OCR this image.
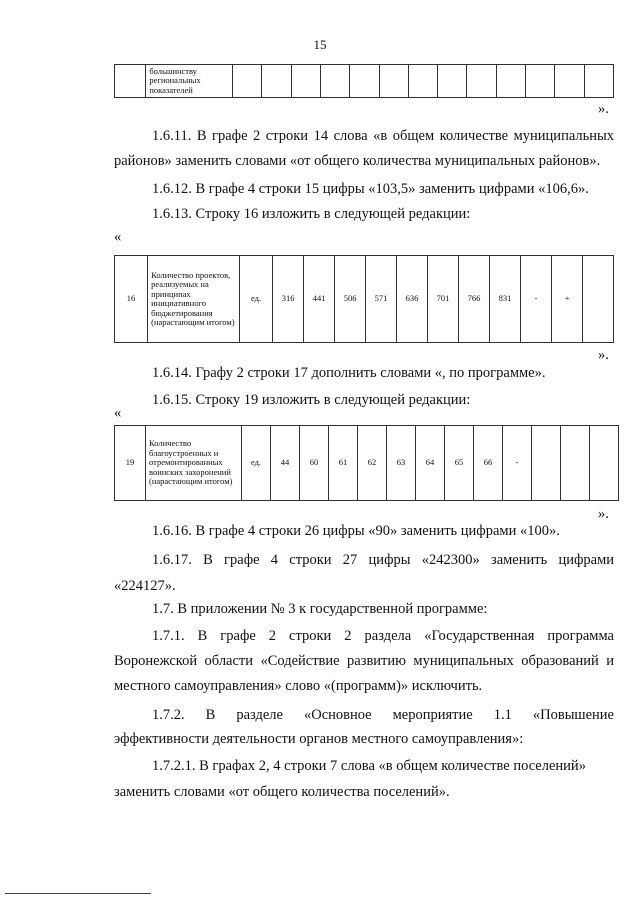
15
	большинству региональных показателей													
».
1.6.11. В графе 2 строки 14 слова «в общем количестве муниципальных
районов» заменить словами «от общего количества муниципальных районов».
1.6.12. В графе 4 строки 15 цифры «103,5» заменить цифрами «106,6».
1.6.13. Строку 16 изложить в следующей редакции:
«
16	Количество проектов, реализуемых на принципах инициативного бюджетирования (нарастающим итогом)	ед.	316	441	506	571	636	701	766	831	-	+	
».
1.6.14. Графу 2 строки 17 дополнить словами «, по программе».
1.6.15. Строку 19 изложить в следующей редакции:
«
19	Количество благоустроенных и отремонтированных воинских захоронений (нарастающим итогом)	ед.	44	60	61	62	63	64	65	66	-			
».
1.6.16. В графе 4 строки 26 цифры «90» заменить цифрами «100».
1.6.17. В графе 4 строки 27 цифры «242300» заменить цифрами
«224127».
1.7. В приложении № 3 к государственной программе:
1.7.1. В графе 2 строки 2 раздела «Государственная программа
Воронежской области «Содействие развитию муниципальных образований и
местного самоуправления» слово «(программ)» исключить.
1.7.2. В разделе «Основное мероприятие 1.1 «Повышение
эффективности деятельности органов местного самоуправления»:
1.7.2.1. В графах 2, 4 строки 7 слова «в общем количестве поселений»
заменить словами «от общего количества поселений».
